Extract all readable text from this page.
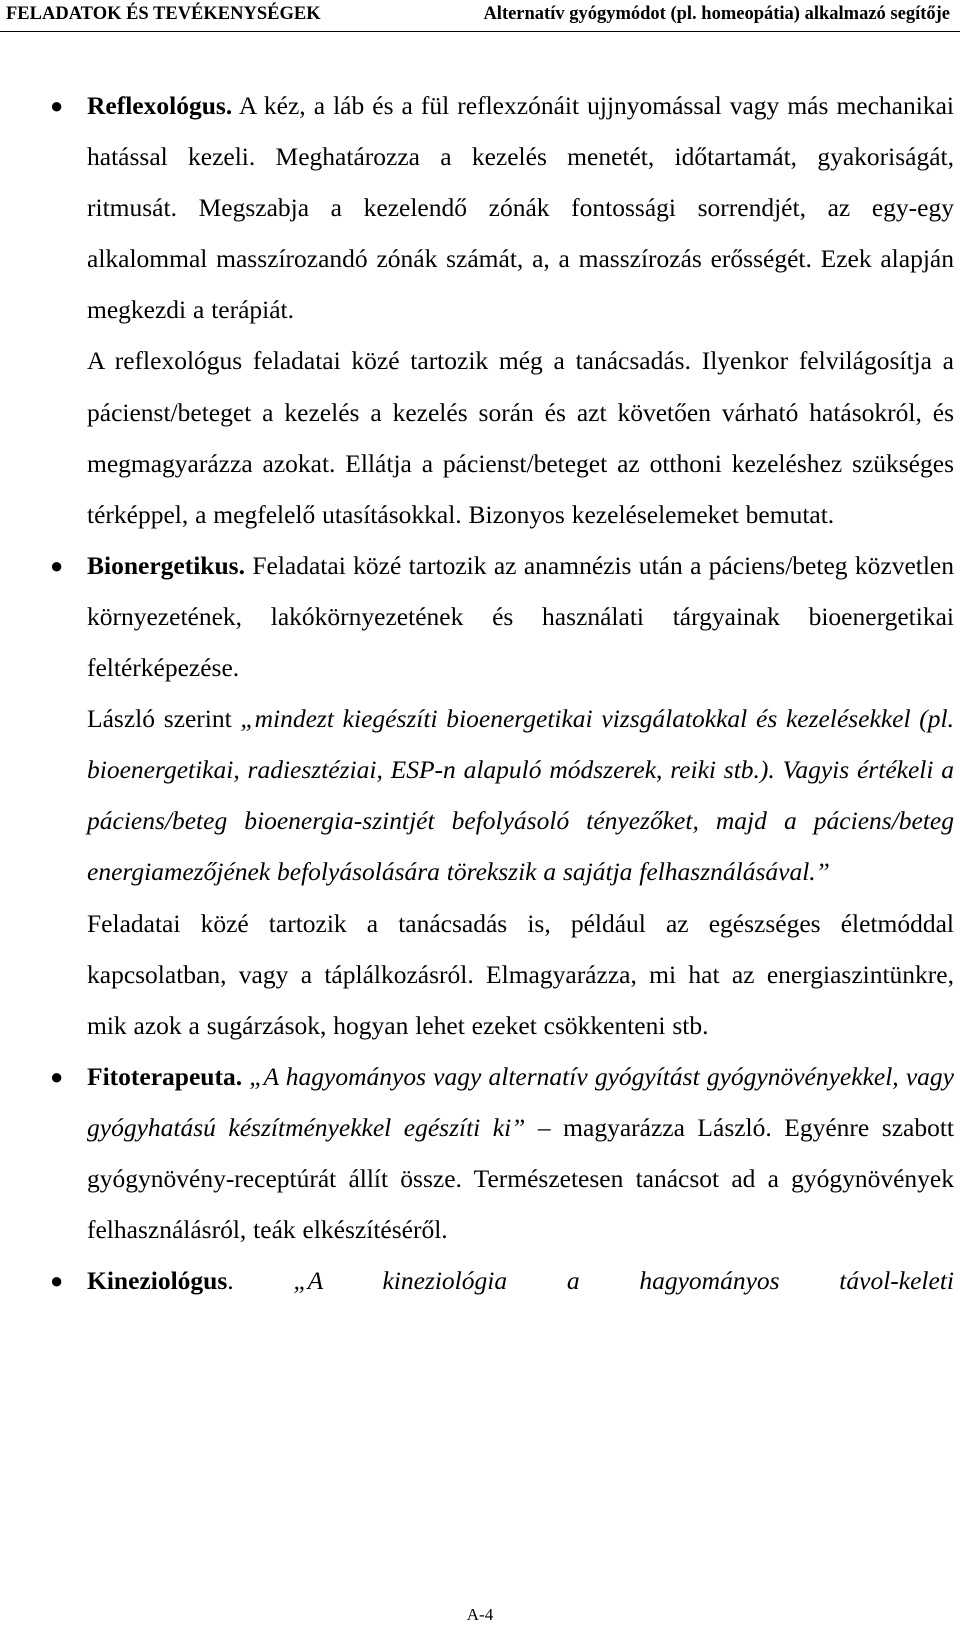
FELADATOK ÉS TEVÉKENYSÉGEK	Alternatív gyógymódot (pl. homeopátia) alkalmazó segítője
● Reflexológus. A kéz, a láb és a fül reflexzónáit ujjnyomással vagy más mechanikai hatással kezeli. Meghatározza a kezelés menetét, időtartamát, gyakoriságát, ritmusát. Megszabja a kezelendő zónák fontossági sorrendjét, az egy-egy alkalommal masszírozandó zónák számát, a, a masszírozás erősségét. Ezek alapján megkezdi a terápiát.

A reflexológus feladatai közé tartozik még a tanácsadás. Ilyenkor felvilágosítja a pácienst/beteget a kezelés a kezelés során és azt követően várható hatásokról, és megmagyarázza azokat. Ellátja a pácienst/beteget az otthoni kezeléshez szükséges térképpel, a megfelelő utasításokkal. Bizonyos kezeléselemeket bemutat.

● Bionergetikus. Feladatai közé tartozik az anamnézis után a páciens/beteg közvetlen környezetének, lakókörnyezetének és használati tárgyainak bioenergetikai feltérképezése.

László szerint „mindezt kiegészíti bioenergetikai vizsgálatokkal és kezelésekkel (pl. bioenergetikai, radiesztéziai, ESP-n alapuló módszerek, reiki stb.). Vagyis értékeli a páciens/beteg bioenergia-szintjét befolyásoló tényezőket, majd a páciens/beteg energiamezőjének befolyásolására törekszik a sajátja felhasználásával.”

Feladatai közé tartozik a tanácsadás is, például az egészséges életmóddal kapcsolatban, vagy a táplálkozásról. Elmagyarázza, mi hat az energiaszintünkre, mik azok a sugárzások, hogyan lehet ezeket csökkenteni stb.

● Fitoterapeuta. „A hagyományos vagy alternatív gyógyítást gyógynövényekkel, vagy gyógyhatású készítményekkel egészíti ki” – magyarázza László. Egyénre szabott gyógynövény-receptúrát állít össze. Természetesen tanácsot ad a gyógynövények felhasználásról, teák elkészítéséről.

● Kineziológus. „A kineziológia a hagyományos távol-keleti

A-4
